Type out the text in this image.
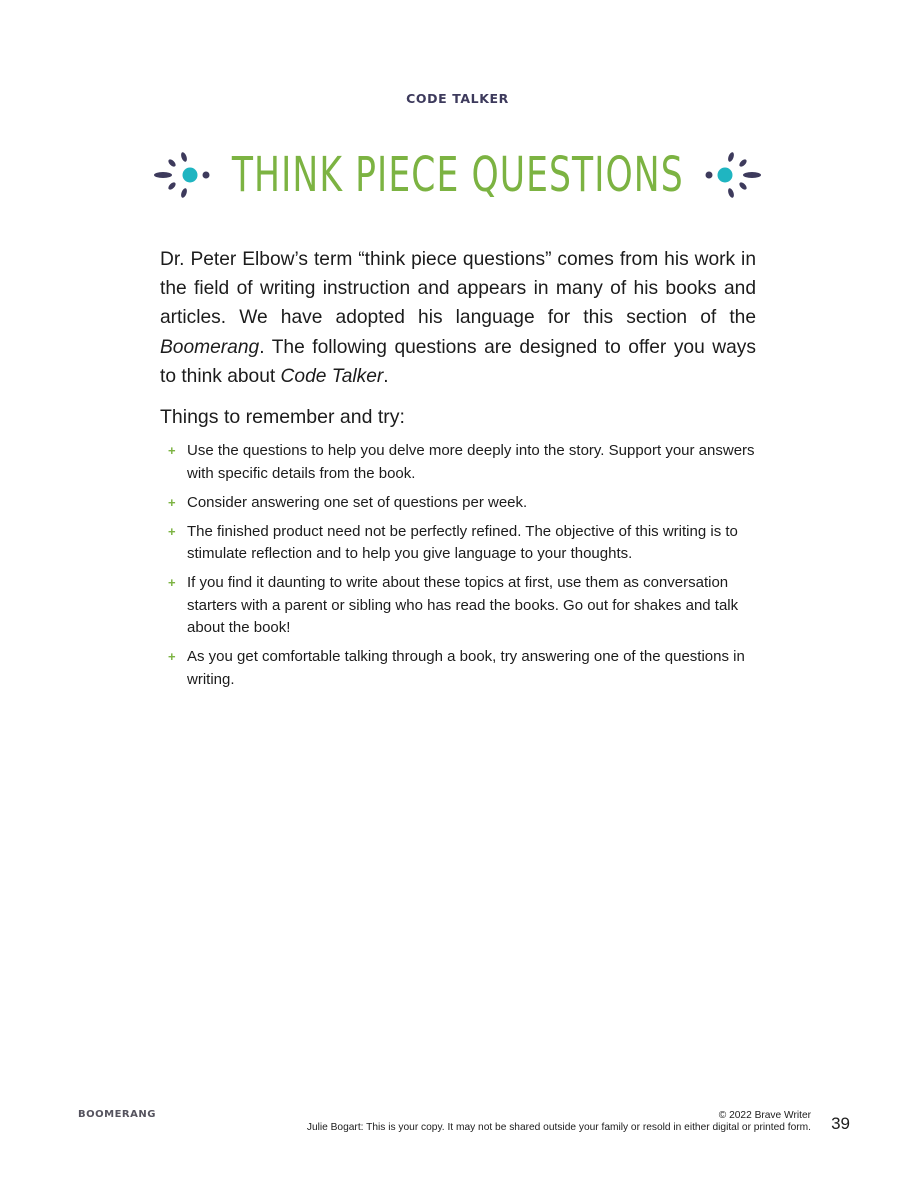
CODE TALKER
THINK PIECE QUESTIONS

Dr. Peter Elbow’s term “think piece questions” comes from his work in the field of writing instruction and appears in many of his books and articles. We have adopted his language for this section of the Boomerang. The following questions are designed to offer you ways to think about Code Talker.

Things to remember and try:
+ Use the questions to help you delve more deeply into the story. Support your answers with specific details from the book.
+ Consider answering one set of questions per week.
+ The finished product need not be perfectly refined. The objective of this writing is to stimulate reflection and to help you give language to your thoughts.
+ If you find it daunting to write about these topics at first, use them as conversation starters with a parent or sibling who has read the books. Go out for shakes and talk about the book!
+ As you get comfortable talking through a book, try answering one of the questions in writing.
BOOMERANG	© 2022 Brave Writer
Julie Bogart: This is your copy. It may not be shared outside your family or resold in either digital or printed form. 39
